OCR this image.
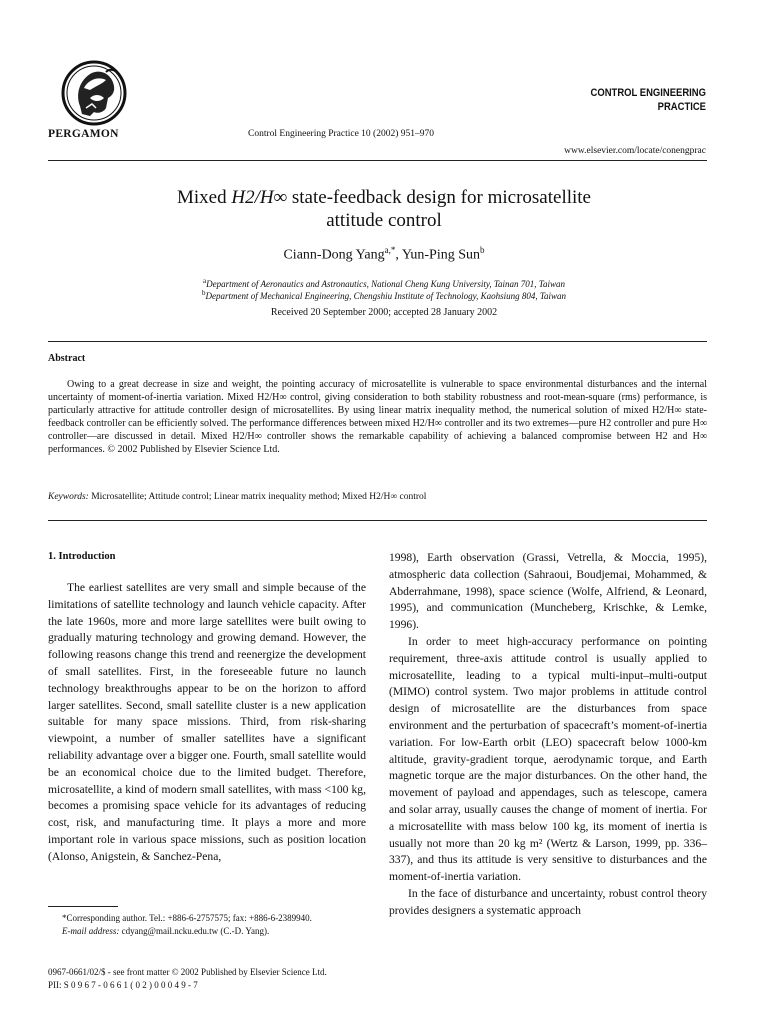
PERGAMON	Control Engineering Practice 10 (2002) 951–970
CONTROL ENGINEERING
PRACTICE
www.elsevier.com/locate/conengprac
Mixed H2/H∞ state-feedback design for microsatellite
attitude control
Ciann-Dong Yang$^{a,*}$, Yun-Ping Sun$^b$
$^a$Department of Aeronautics and Astronautics, National Cheng Kung University, Tainan 701, Taiwan
$^b$Department of Mechanical Engineering, Chengshiu Institute of Technology, Kaohsiung 804, Taiwan
Received 20 September 2000; accepted 28 January 2002
Abstract
Owing to a great decrease in size and weight, the pointing accuracy of microsatellite is vulnerable to space environmental disturbances and the internal uncertainty of moment-of-inertia variation. Mixed H2/H∞ control, giving consideration to both stability robustness and root-mean-square (rms) performance, is particularly attractive for attitude controller design of microsatellites. By using linear matrix inequality method, the numerical solution of mixed H2/H∞ state-feedback controller can be efficiently solved. The performance differences between mixed H2/H∞ controller and its two extremes—pure H2 controller and pure H∞ controller—are discussed in detail. Mixed H2/H∞ controller shows the remarkable capability of achieving a balanced compromise between H2 and H∞ performances. © 2002 Published by Elsevier Science Ltd.
Keywords: Microsatellite; Attitude control; Linear matrix inequality method; Mixed H2/H∞ control
1. Introduction

The earliest satellites are very small and simple because of the limitations of satellite technology and launch vehicle capacity. After the late 1960s, more and more large satellites were built owing to gradually maturing technology and growing demand. However, the following reasons change this trend and reenergize the development of small satellites. First, in the foreseeable future no launch technology breakthroughs appear to be on the horizon to afford larger satellites. Second, small satellite cluster is a new application suitable for many space missions. Third, from risk-sharing viewpoint, a number of smaller satellites have a significant reliability advantage over a bigger one. Fourth, small satellite would be an economical choice due to the limited budget. Therefore, microsatellite, a kind of modern small satellites, with mass <100 kg, becomes a promising space vehicle for its advantages of reducing cost, risk, and manufacturing time. It plays a more and more important role in various space missions, such as position location (Alonso, Anigstein, & Sanchez-Pena,

1998), Earth observation (Grassi, Vetrella, & Moccia, 1995), atmospheric data collection (Sahraoui, Boudjemai, Mohammed, & Abderrahmane, 1998), space science (Wolfe, Alfriend, & Leonard, 1995), and communication (Muncheberg, Krischke, & Lemke, 1996).

In order to meet high-accuracy performance on pointing requirement, three-axis attitude control is usually applied to microsatellite, leading to a typical multi-input–multi-output (MIMO) control system. Two major problems in attitude control design of microsatellite are the disturbances from space environment and the perturbation of spacecraft’s moment-of-inertia variation. For low-Earth orbit (LEO) spacecraft below 1000-km altitude, gravity-gradient torque, aerodynamic torque, and Earth magnetic torque are the major disturbances. On the other hand, the movement of payload and appendages, such as telescope, camera and solar array, usually causes the change of moment of inertia. For a microsatellite with mass below 100 kg, its moment of inertia is usually not more than 20 kg m² (Wertz & Larson, 1999, pp. 336–337), and thus its attitude is very sensitive to disturbances and the moment-of-inertia variation.

In the face of disturbance and uncertainty, robust control theory provides designers a systematic approach

*Corresponding author. Tel.: +886-6-2757575; fax: +886-6-2389940.
E-mail address: cdyang@mail.ncku.edu.tw (C.-D. Yang).
0967-0661/02/$ - see front matter © 2002 Published by Elsevier Science Ltd.
PII: S 0 9 6 7 - 0 6 6 1 ( 0 2 ) 0 0 0 4 9 - 7
